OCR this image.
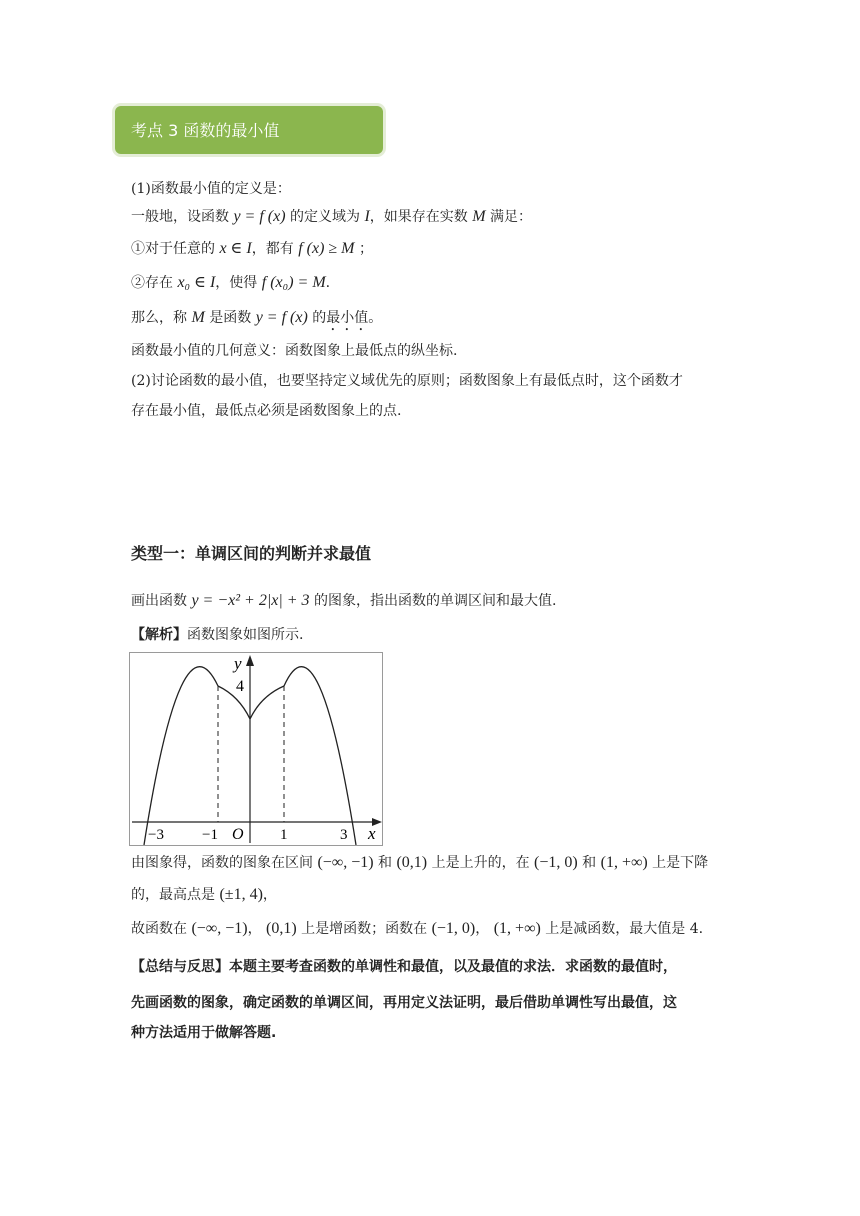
考点 3 函数的最小值
(1)函数最小值的定义是：
一般地，设函数 y = f (x) 的定义域为 I，如果存在实数 M 满足：
①对于任意的 x ∈ I，都有 f (x) ≥ M ；
②存在 x₀ ∈ I，使得 f (x₀) = M.
那么，称 M 是函数 y = f (x) 的最小值。
函数最小值的几何意义：函数图象上最低点的纵坐标.
(2)讨论函数的最小值，也要坚持定义域优先的原则；函数图象上有最低点时，这个函数才
存在最小值，最低点必须是函数图象上的点.
类型一：单调区间的判断并求最值
画出函数 y = −x² + 2|x| + 3 的图象，指出函数的单调区间和最大值.
【解析】函数图象如图所示.
y
4
O	x
−3	−1	1	3
由图象得，函数的图象在区间 (−∞, −1) 和 (0,1) 上是上升的，在 (−1, 0) 和 (1, +∞) 上是下降
的，最高点是 (±1, 4)，
故函数在 (−∞, −1)， (0,1) 上是增函数；函数在 (−1, 0)， (1, +∞) 上是减函数，最大值是 4.
【总结与反思】本题主要考查函数的单调性和最值，以及最值的求法．求函数的最值时，
先画函数的图象，确定函数的单调区间，再用定义法证明，最后借助单调性写出最值，这
种方法适用于做解答题.
